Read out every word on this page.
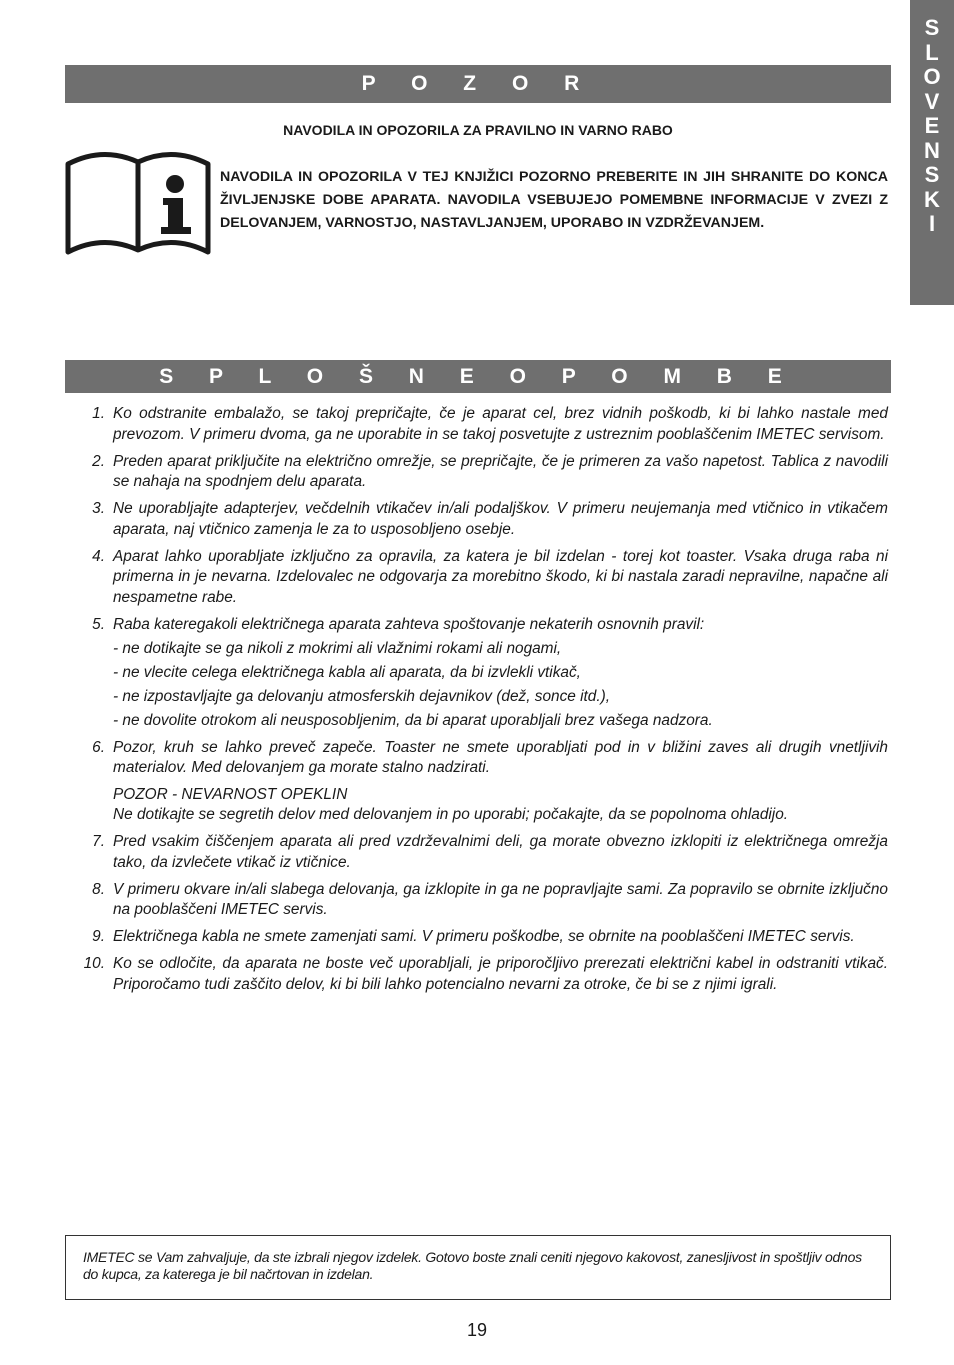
S
L
O
V
E
N
S
K
I
P O Z O R
NAVODILA IN OPOZORILA ZA PRAVILNO IN VARNO RABO

NAVODILA IN OPOZORILA V TEJ KNJIŽICI POZORNO PREBERITE IN JIH SHRANITE DO KONCA ŽIVLJENJSKE DOBE APARATA. NAVODILA VSEBUJEJO POMEMBNE INFORMACIJE V ZVEZI Z DELOVANJEM, VARNOSTJO, NASTAVLJANJEM, UPORABO IN VZDRŽEVANJEM.

S P L O Š N E O P O M B E
1. Ko odstranite embalažo, se takoj prepričajte, če je aparat cel, brez vidnih poškodb, ki bi lahko nastale med prevozom. V primeru dvoma, ga ne uporabite in se takoj posvetujte z ustreznim pooblaščenim IMETEC servisom.

2. Preden aparat priključite na električno omrežje, se prepričajte, če je primeren za vašo napetost. Tablica z navodili se nahaja na spodnjem delu aparata.

3. Ne uporabljajte adapterjev, večdelnih vtikačev in/ali podaljškov. V primeru neujemanja med vtičnico in vtikačem aparata, naj vtičnico zamenja le za to usposobljeno osebje.

4. Aparat lahko uporabljate izključno za opravila, za katera je bil izdelan - torej kot toaster. Vsaka druga raba ni primerna in je nevarna. Izdelovalec ne odgovarja za morebitno škodo, ki bi nastala zaradi nepravilne, napačne ali nespametne rabe.

5. Raba kateregakoli električnega aparata zahteva spoštovanje nekaterih osnovnih pravil:

- ne dotikajte se ga nikoli z mokrimi ali vlažnimi rokami ali nogami,

- ne vlecite celega električnega kabla ali aparata, da bi izvlekli vtikač,

- ne izpostavljajte ga delovanju atmosferskih dejavnikov (dež, sonce itd.),

- ne dovolite otrokom ali neusposobljenim, da bi aparat uporabljali brez vašega nadzora.

6. Pozor, kruh se lahko preveč zapeče. Toaster ne smete uporabljati pod in v bližini zaves ali drugih vnetljivih materialov. Med delovanjem ga morate stalno nadzirati.

POZOR - NEVARNOST OPEKLIN

Ne dotikajte se segretih delov med delovanjem in po uporabi; počakajte, da se popolnoma ohladijo.

7. Pred vsakim čiščenjem aparata ali pred vzdrževalnimi deli, ga morate obvezno izklopiti iz električnega omrežja tako, da izvlečete vtikač iz vtičnice.

8. V primeru okvare in/ali slabega delovanja, ga izklopite in ga ne popravljajte sami. Za popravilo se obrnite izključno na pooblaščeni IMETEC servis.

9. Električnega kabla ne smete zamenjati sami. V primeru poškodbe, se obrnite na pooblaščeni IMETEC servis.

10. Ko se odločite, da aparata ne boste več uporabljali, je priporočljivo prerezati električni kabel in odstraniti vtikač. Priporočamo tudi zaščito delov, ki bi bili lahko potencialno nevarni za otroke, če bi se z njimi igrali.

IMETEC se Vam zahvaljuje, da ste izbrali njegov izdelek. Gotovo boste znali ceniti njegovo kakovost, zanesljivost in spoštljiv odnos do kupca, za katerega je bil načrtovan in izdelan.
19
